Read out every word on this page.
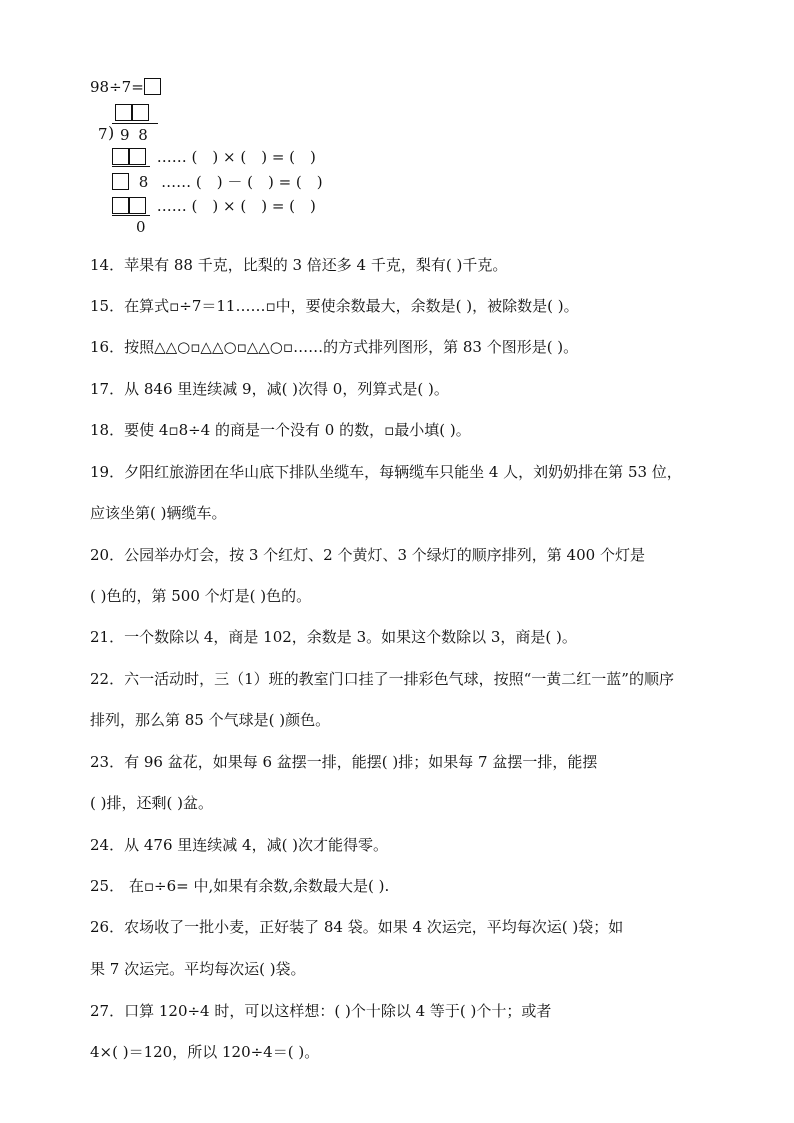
98÷7=
7 ) 9 8
…… (　) × (　) = (　)
8 …… (　) － (　) = (　)
…… (　) × (　) = (　)
0
14．苹果有 88 千克，比梨的 3 倍还多 4 千克，梨有( )千克。
15．在算式▫÷7＝11……▫中，要使余数最大，余数是( )，被除数是( )。
16．按照△△○▫△△○▫△△○▫……的方式排列图形，第 83 个图形是( )。
17．从 846 里连续减 9，减( )次得 0，列算式是( )。
18．要使 4▫8÷4 的商是一个没有 0 的数，▫最小填( )。
19．夕阳红旅游团在华山底下排队坐缆车，每辆缆车只能坐 4 人，刘奶奶排在第 53 位，
应该坐第( )辆缆车。
20．公园举办灯会，按 3 个红灯、2 个黄灯、3 个绿灯的顺序排列，第 400 个灯是
( )色的，第 500 个灯是( )色的。
21．一个数除以 4，商是 102，余数是 3。如果这个数除以 3，商是( )。
22．六一活动时，三（1）班的教室门口挂了一排彩色气球，按照“一黄二红一蓝”的顺序
排列，那么第 85 个气球是( )颜色。
23．有 96 盆花，如果每 6 盆摆一排，能摆( )排；如果每 7 盆摆一排，能摆
( )排，还剩( )盆。
24．从 476 里连续减 4，减( )次才能得零。
25． 在▫÷6= 中,如果有余数,余数最大是( ).
26．农场收了一批小麦，正好装了 84 袋。如果 4 次运完，平均每次运( )袋；如
果 7 次运完。平均每次运( )袋。
27．口算 120÷4 时，可以这样想：( )个十除以 4 等于( )个十；或者
4×( )＝120，所以 120÷4＝( )。
